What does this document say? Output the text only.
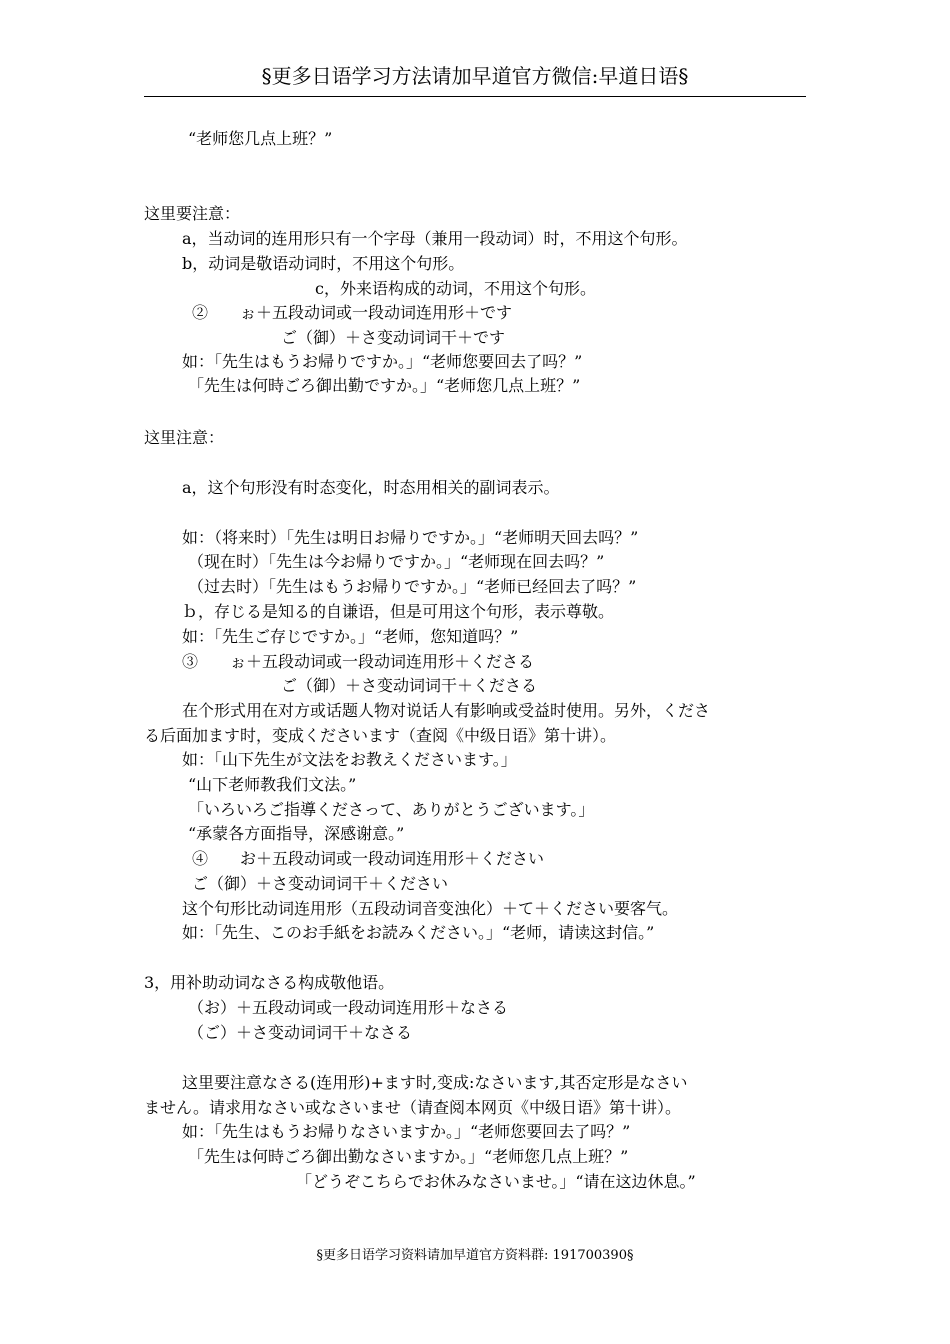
§更多日语学习方法请加早道官方微信:早道日语§
“老师您几点上班？”
这里要注意：
a，当动词的连用形只有一个字母（兼用一段动词）时，不用这个句形。
b，动词是敬语动词时，不用这个句形。
c，外来语构成的动词，不用这个句形。
②　　ぉ＋五段动词或一段动词连用形＋です
ご（御）＋さ变动词词干＋です
如：「先生はもうお帰りですか。」“老师您要回去了吗？”
「先生は何時ごろ御出勤ですか。」“老师您几点上班？”
这里注意：
a，这个句形没有时态变化，时态用相关的副词表示。
如：（将来时）「先生は明日お帰りですか。」“老师明天回去吗？”
（现在时）「先生は今お帰りですか。」“老师现在回去吗？”
（过去时）「先生はもうお帰りですか。」“老师已经回去了吗？”
ｂ，存じる是知る的自谦语，但是可用这个句形，表示尊敬。
如：「先生ご存じですか。」“老师，您知道吗？”
③　　ぉ＋五段动词或一段动词连用形＋くださる
ご（御）＋さ变动词词干＋くださる
在个形式用在对方或话题人物对说话人有影响或受益时使用。另外，くださ
る后面加ます时，变成くださいます（查阅《中级日语》第十讲）。
如：「山下先生が文法をお教えくださいます。」
“山下老师教我们文法。”
「いろいろご指導くださって、ありがとうございます。」
“承蒙各方面指导，深感谢意。”
④　　お＋五段动词或一段动词连用形＋ください
ご（御）＋さ变动词词干＋ください
这个句形比动词连用形（五段动词音变浊化）＋て＋ください要客气。
如：「先生、このお手紙をお読みください。」“老师，请读这封信。”
3，用补助动词なさる构成敬他语。
（お）＋五段动词或一段动词连用形＋なさる
（ご）＋さ变动词词干＋なさる
这里要注意なさる(连用形)+ます时,变成:なさいます,其否定形是なさい
ません。请求用なさい或なさいませ（请查阅本网页《中级日语》第十讲）。
如：「先生はもうお帰りなさいますか。」“老师您要回去了吗？”
「先生は何時ごろ御出勤なさいますか。」“老师您几点上班？”
「どうぞこちらでお休みなさいませ。」“请在这边休息。”
§更多日语学习资料请加早道官方资料群: 191700390§
